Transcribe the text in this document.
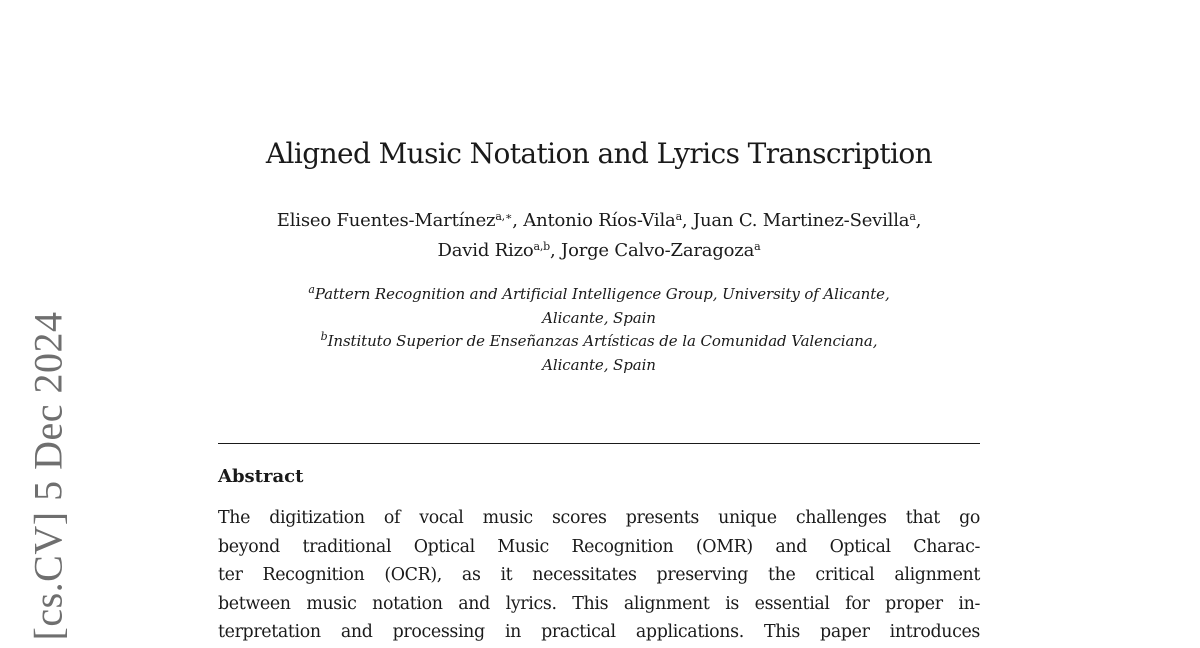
[cs.CV] 5 Dec 2024
Aligned Music Notation and Lyrics Transcription
Eliseo Fuentes-Martínez$^{a,∗}$, Antonio Ríos-Vila$^a$, Juan C. Martinez-Sevilla$^a$,
David Rizo$^{a,b}$, Jorge Calvo-Zaragoza$^a$
$^a$Pattern Recognition and Artificial Intelligence Group, University of Alicante, Alicante, Spain
$^b$Instituto Superior de Enseñanzas Artísticas de la Comunidad Valenciana, Alicante, Spain
Abstract
The digitization of vocal music scores presents unique challenges that go
beyond traditional Optical Music Recognition (OMR) and Optical Charac-
ter Recognition (OCR), as it necessitates preserving the critical alignment
between music notation and lyrics. This alignment is essential for proper in-
terpretation and processing in practical applications. This paper introduces
